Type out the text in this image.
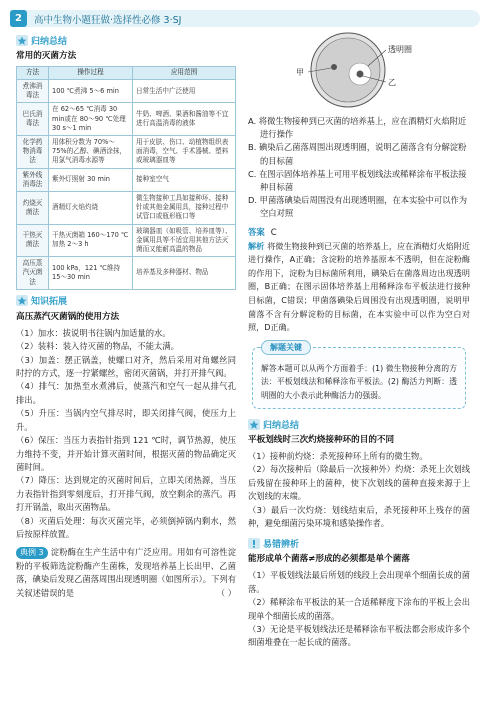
2	高中生物小题狂做·选择性必修 3·SJ
归纳总结
常用的灭菌方法
方法	操作过程	应用范围
煮沸消毒法	100 ℃煮沸 5～6 min	日常生活中广泛使用
巴氏消毒法	在 62～65 ℃消毒 30 min或在 80～90 ℃处理 30 s～1 min	牛奶、啤酒、果酒和酱油等不宜进行高温消毒的液体
化学药物消毒法	用体积分数为 70%～75%的乙醇、碘酒涂抹，用氯气消毒水源等	用于皮肤、伤口、动植物组织表面消毒，空气、手术器械、塑料或玻璃器皿等
紫外线消毒法	紫外灯照射 30 min	接种室空气
灼烧灭菌法	酒精灯火焰灼烧	微生物接种工具如接种环、接种针或其他金属用具，接种过程中试管口或瓶形瓶口等
干热灭菌法	干热灭菌箱 160～170 ℃加热 2～3 h	玻璃器皿（如吸管、培养皿等）、金属用具等不适宜用其他方法灭菌而又能耐高温的物品
高压蒸汽灭菌法	100 kPa，121 ℃维持 15～30 min	培养基及多种器材、物品
知识拓展
高压蒸汽灭菌锅的使用方法
（1）加水：拔说明书往锅内加适量的水。
（2）装料：装入待灭菌的物品，不能太满。
（3）加盖：摆正锅盖，使螺口对齐，然后采用对角螺丝同时拧的方式，逐一拧紧螺丝，密闭灭菌锅，并打开排气阀。
（4）排气：加热至水煮沸后，使蒸汽和空气一起从排气孔排出。
（5）升压：当锅内空气排尽时，即关闭排气阀，使压力上升。
（6）保压：当压力表指针指到 121 ℃时，调节热源，使压力维持不变，并开始计算灭菌时间，根据灭菌的物品确定灭菌时间。
（7）降压：达到规定的灭菌时间后，立即关闭热源，当压力表指针指到零刻度后，打开排气阀，放空剩余的蒸汽。再打开锅盖，取出灭菌物品。
（8）灭菌后处理：每次灭菌完毕，必须倒掉锅内剩水，然后按原样放置。
典例 3 淀粉酶在生产生活中有广泛应用。用如有可溶性淀粉的平板筛选淀粉酶产生菌株，发现培养基上长出甲、乙菌落，碘染后发现乙菌落周围出现透明圈（如图所示）。下列有关叙述错误的是	（ ）
透明圈
乙
甲
A. 将微生物接种到已灭菌的培养基上，应在酒精灯火焰附近进行操作
B. 碘染后乙菌落周围出现透明圈，说明乙菌落含有分解淀粉的目标菌
C. 在图示固体培养基上可用平板划线法或稀释涂布平板法接种目标菌
D. 甲菌落碘染后周围没有出现透明圈，在本实验中可以作为空白对照
答案 C
解析 将微生物接种到已灭菌的培养基上，应在酒精灯火焰附近进行操作，A正确；含淀粉的培养基原本不透明，但在淀粉酶的作用下，淀粉为目标菌所利用，碘染后在菌落周边出现透明圈，B正确；在图示固体培养基上用稀释涂布平板法进行接种目标菌，C错误；甲菌落碘染后周围没有出现透明圈，说明甲菌落不含有分解淀粉的目标菌，在本实验中可以作为空白对照，D正确。
解题关键
解答本题可以从两个方面着手：(1) 微生物接种分离的方法：平板划线法和稀释涂布平板法。(2) 酶活力判断：透明圈的大小表示此种酶活力的强弱。
归纳总结
平板划线时三次灼烧接种环的目的不同
（1）接种前灼烧：杀死接种环上所有的微生物。
（2）每次接种后（除最后一次接种外）灼烧：杀死上次划线后残留在接种环上的菌种，使下次划线的菌种直接来源于上次划线的末端。
（3）最后一次灼烧：划线结束后，杀死接种环上残存的菌种，避免细菌污染环境和感染操作者。
易错辨析
能形成单个菌落≠形成的必须都是单个菌落
（1）平板划线法最后所划的线段上会出现单个细菌长成的菌落。
（2）稀释涂布平板法的某一合适稀释度下涂布的平板上会出现单个细菌长成的菌落。
（3）无论是平板划线法还是稀释涂布平板法都会形成许多个细菌堆叠在一起长成的菌落。
